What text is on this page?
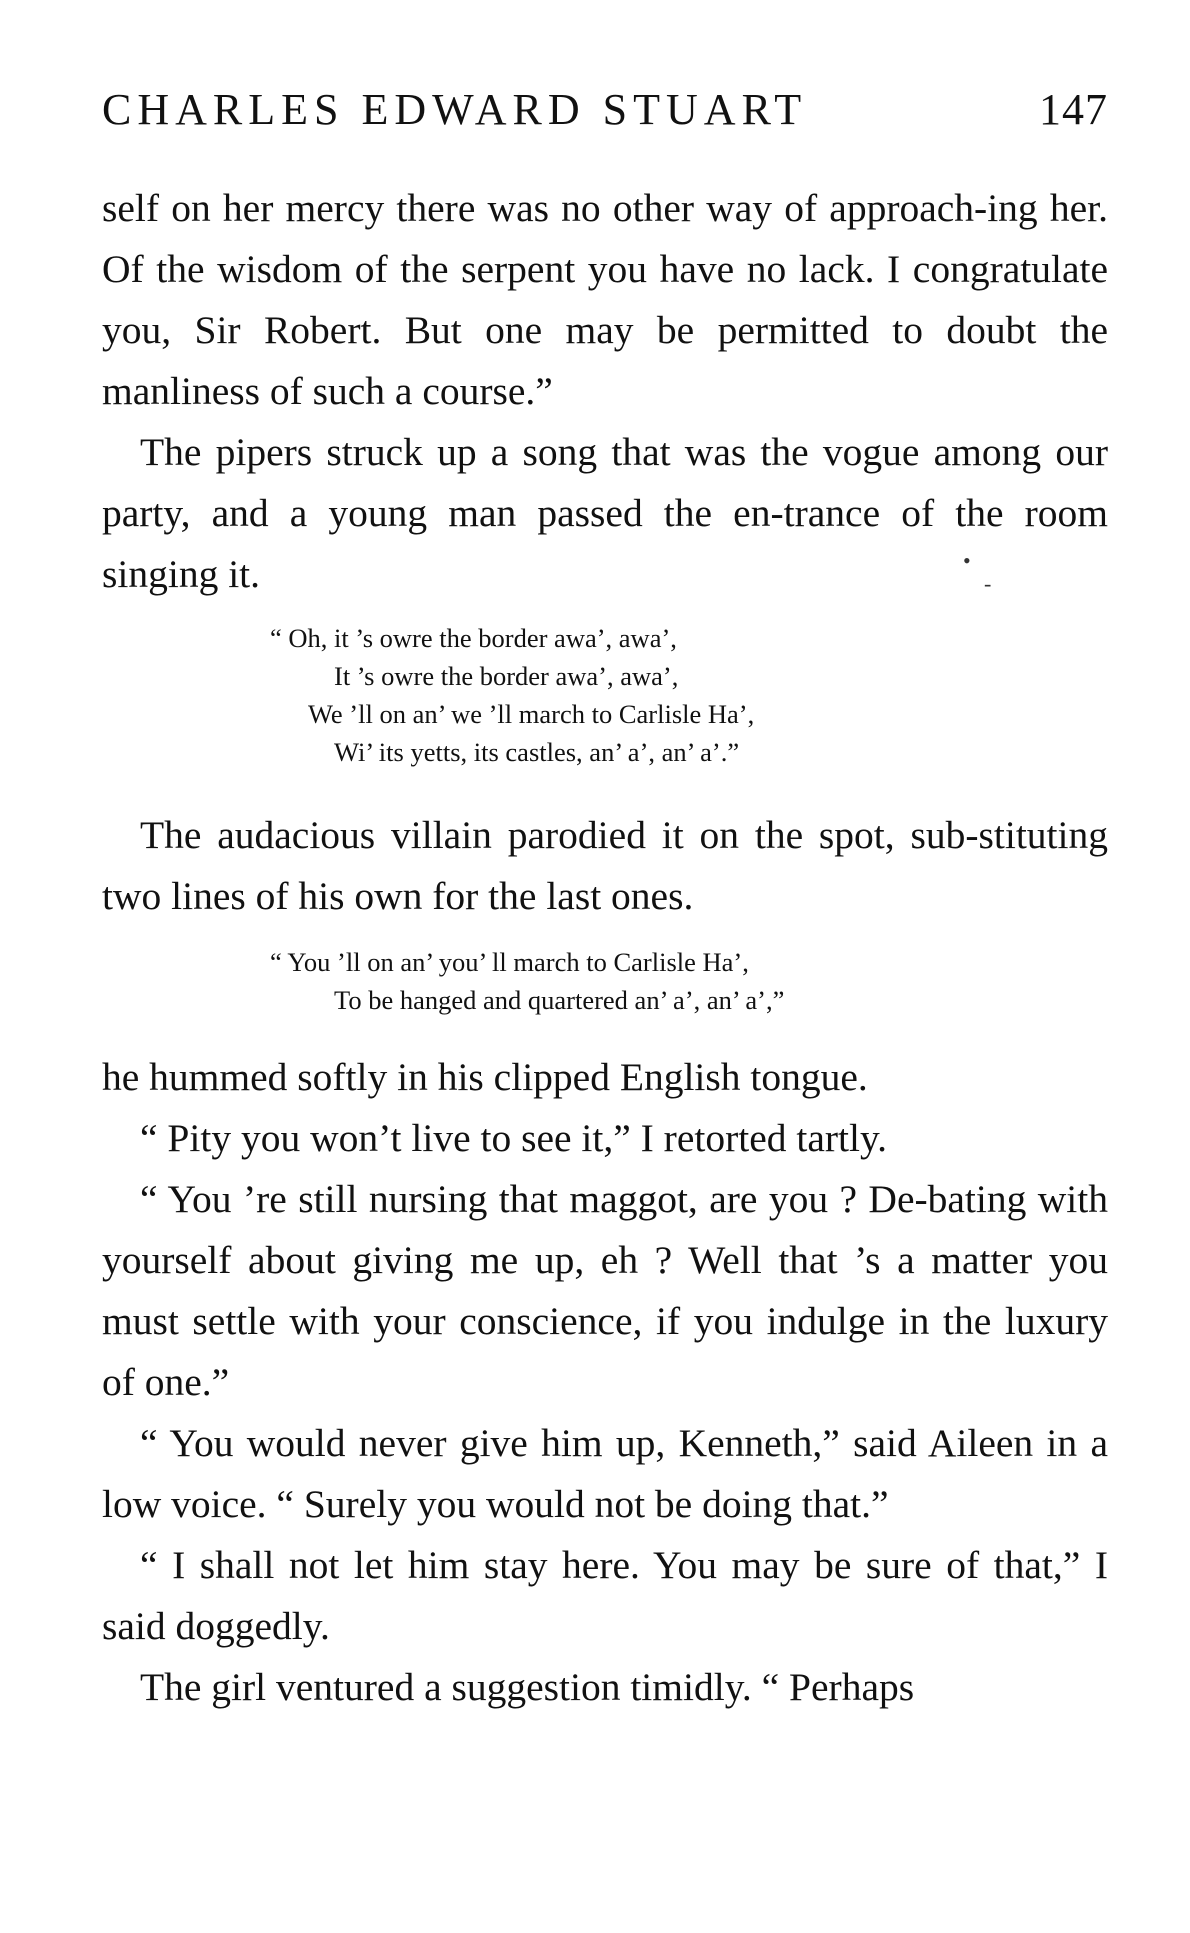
CHARLES EDWARD STUART	147

self on her mercy there was no other way of approach-ing her. Of the wisdom of the serpent you have no lack. I congratulate you, Sir Robert. But one may be permitted to doubt the manliness of such a course.”

The pipers struck up a song that was the vogue among our party, and a young man passed the en-trance of the room singing it.

“ Oh, it ’s owre the border awa’, awa’,
It ’s owre the border awa’, awa’,
We ’ll on an’ we ’ll march to Carlisle Ha’,
Wi’ its yetts, its castles, an’ a’, an’ a’.”

The audacious villain parodied it on the spot, sub-stituting two lines of his own for the last ones.

“ You ’ll on an’ you’ ll march to Carlisle Ha’,
To be hanged and quartered an’ a’, an’ a’,”

he hummed softly in his clipped English tongue.

“ Pity you won’t live to see it,” I retorted tartly.

“ You ’re still nursing that maggot, are you ? De-bating with yourself about giving me up, eh ? Well that ’s a matter you must settle with your conscience, if you indulge in the luxury of one.”

“ You would never give him up, Kenneth,” said Aileen in a low voice. “ Surely you would not be doing that.”

“ I shall not let him stay here. You may be sure of that,” I said doggedly.

The girl ventured a suggestion timidly. “ Perhaps

•
-
